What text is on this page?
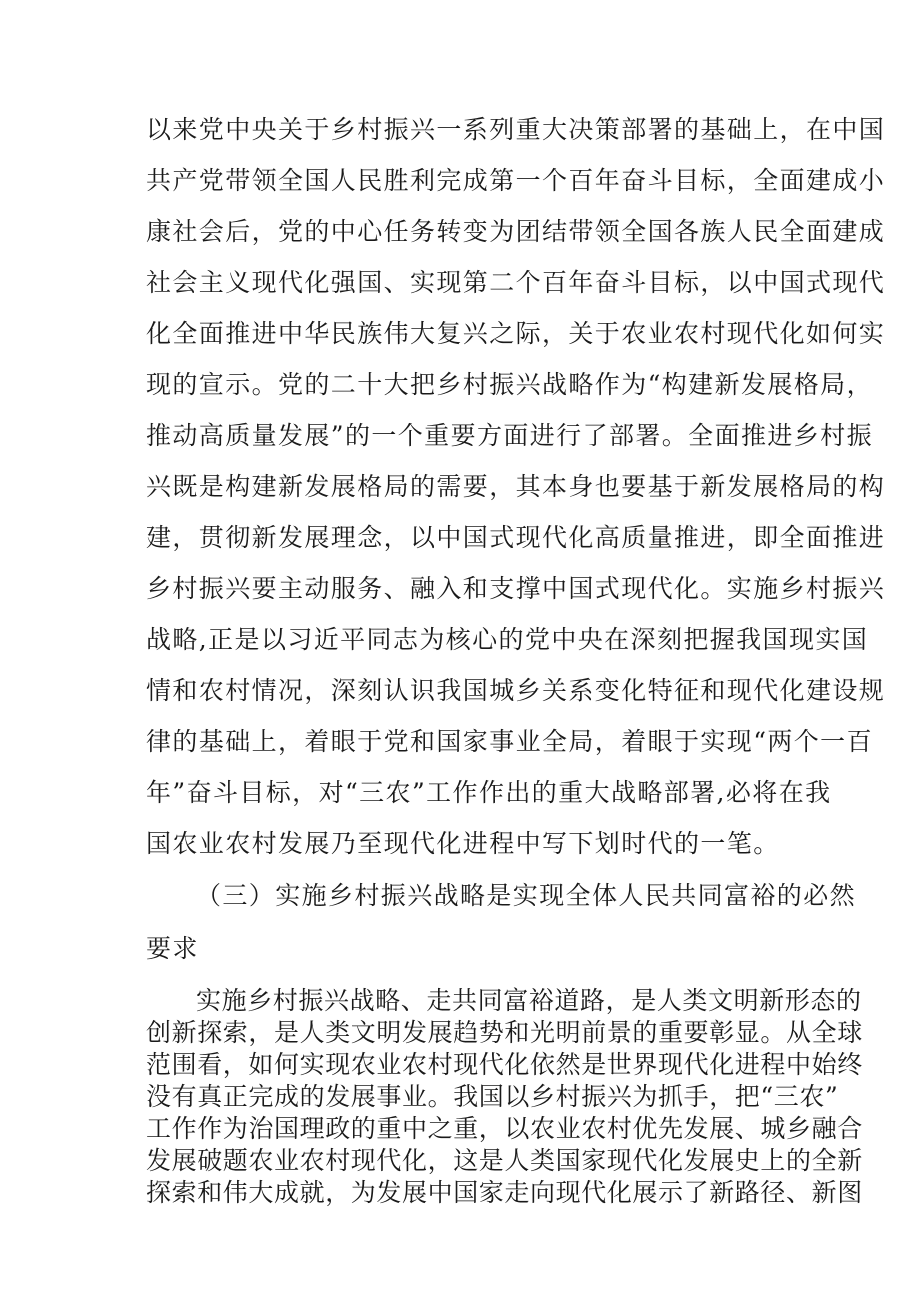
以来党中央关于乡村振兴一系列重大决策部署的基础上，在中国

共产党带领全国人民胜利完成第一个百年奋斗目标，全面建成小

康社会后，党的中心任务转变为团结带领全国各族人民全面建成

社会主义现代化强国、实现第二个百年奋斗目标，以中国式现代

化全面推进中华民族伟大复兴之际，关于农业农村现代化如何实

现的宣示。党的二十大把乡村振兴战略作为“构建新发展格局，

推动高质量发展”的一个重要方面进行了部署。全面推进乡村振

兴既是构建新发展格局的需要，其本身也要基于新发展格局的构

建，贯彻新发展理念，以中国式现代化高质量推进，即全面推进

乡村振兴要主动服务、融入和支撑中国式现代化。实施乡村振兴

战略,正是以习近平同志为核心的党中央在深刻把握我国现实国

情和农村情况，深刻认识我国城乡关系变化特征和现代化建设规

律的基础上，着眼于党和国家事业全局，着眼于实现“两个一百

年”奋斗目标，对“三农”工作作出的重大战略部署,必将在我

国农业农村发展乃至现代化进程中写下划时代的一笔。

（三）实施乡村振兴战略是实现全体人民共同富裕的必然

要求

实施乡村振兴战略、走共同富裕道路，是人类文明新形态的

创新探索，是人类文明发展趋势和光明前景的重要彰显。从全球

范围看，如何实现农业农村现代化依然是世界现代化进程中始终

没有真正完成的发展事业。我国以乡村振兴为抓手，把“三农”

工作作为治国理政的重中之重，以农业农村优先发展、城乡融合

发展破题农业农村现代化，这是人类国家现代化发展史上的全新

探索和伟大成就，为发展中国家走向现代化展示了新路径、新图
